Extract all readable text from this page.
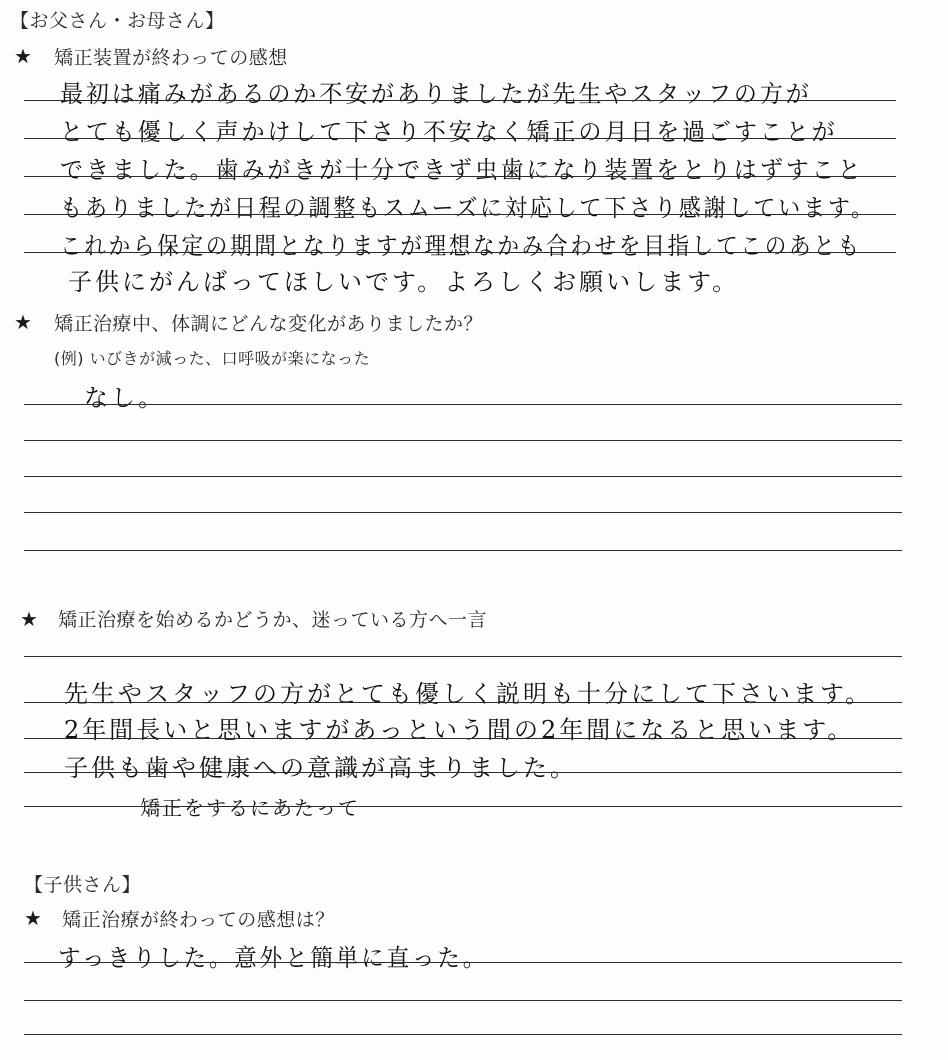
【お父さん・お母さん】
★ 矯正装置が終わっての感想
最初は痛みがあるのか不安がありましたが先生やスタッフの方が
とても優しく声かけして下さり不安なく矯正の月日を過ごすことが
できました。歯みがきが十分できず虫歯になり装置をとりはずすこと
もありましたが日程の調整もスムーズに対応して下さり感謝しています。
これから保定の期間となりますが理想なかみ合わせを目指してこのあとも
子供にがんばってほしいです。よろしくお願いします。
★ 矯正治療中、体調にどんな変化がありましたか？
(例) いびきが減った、口呼吸が楽になった
なし。
★ 矯正治療を始めるかどうか、迷っている方へ一言
先生やスタッフの方がとても優しく説明も十分にして下さいます。
2年間長いと思いますがあっという間の2年間になると思います。
子供も歯や健康への意識が高まりました。
矯正をするにあたって
【子供さん】
★ 矯正治療が終わっての感想は？
すっきりした。意外と簡単に直った。
